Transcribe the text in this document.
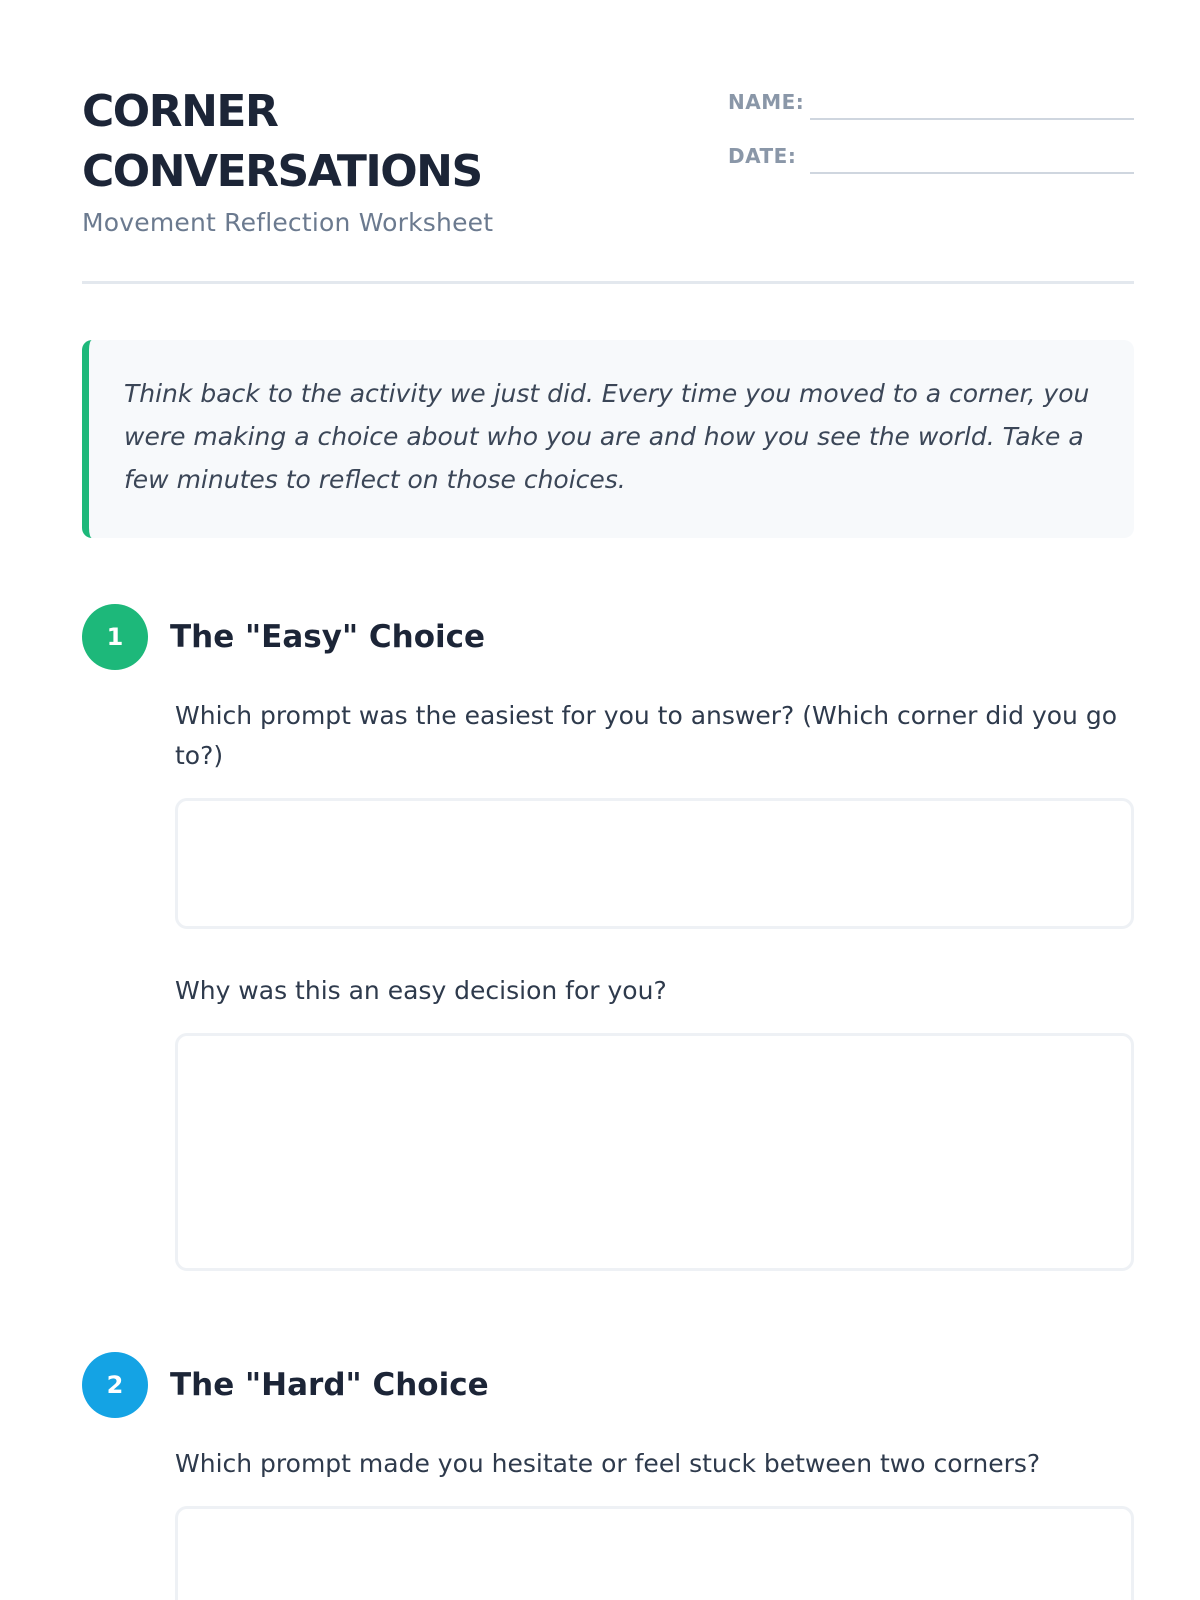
CORNER
CONVERSATIONS
Movement Reflection Worksheet
NAME:
DATE:

Think back to the activity we just did. Every time you moved to a corner, you were making a choice about who you are and how you see the world. Take a few minutes to reflect on those choices.

1	The "Easy" Choice
Which prompt was the easiest for you to answer? (Which corner did you go to?)
Why was this an easy decision for you?
2	The "Hard" Choice
Which prompt made you hesitate or feel stuck between two corners?
